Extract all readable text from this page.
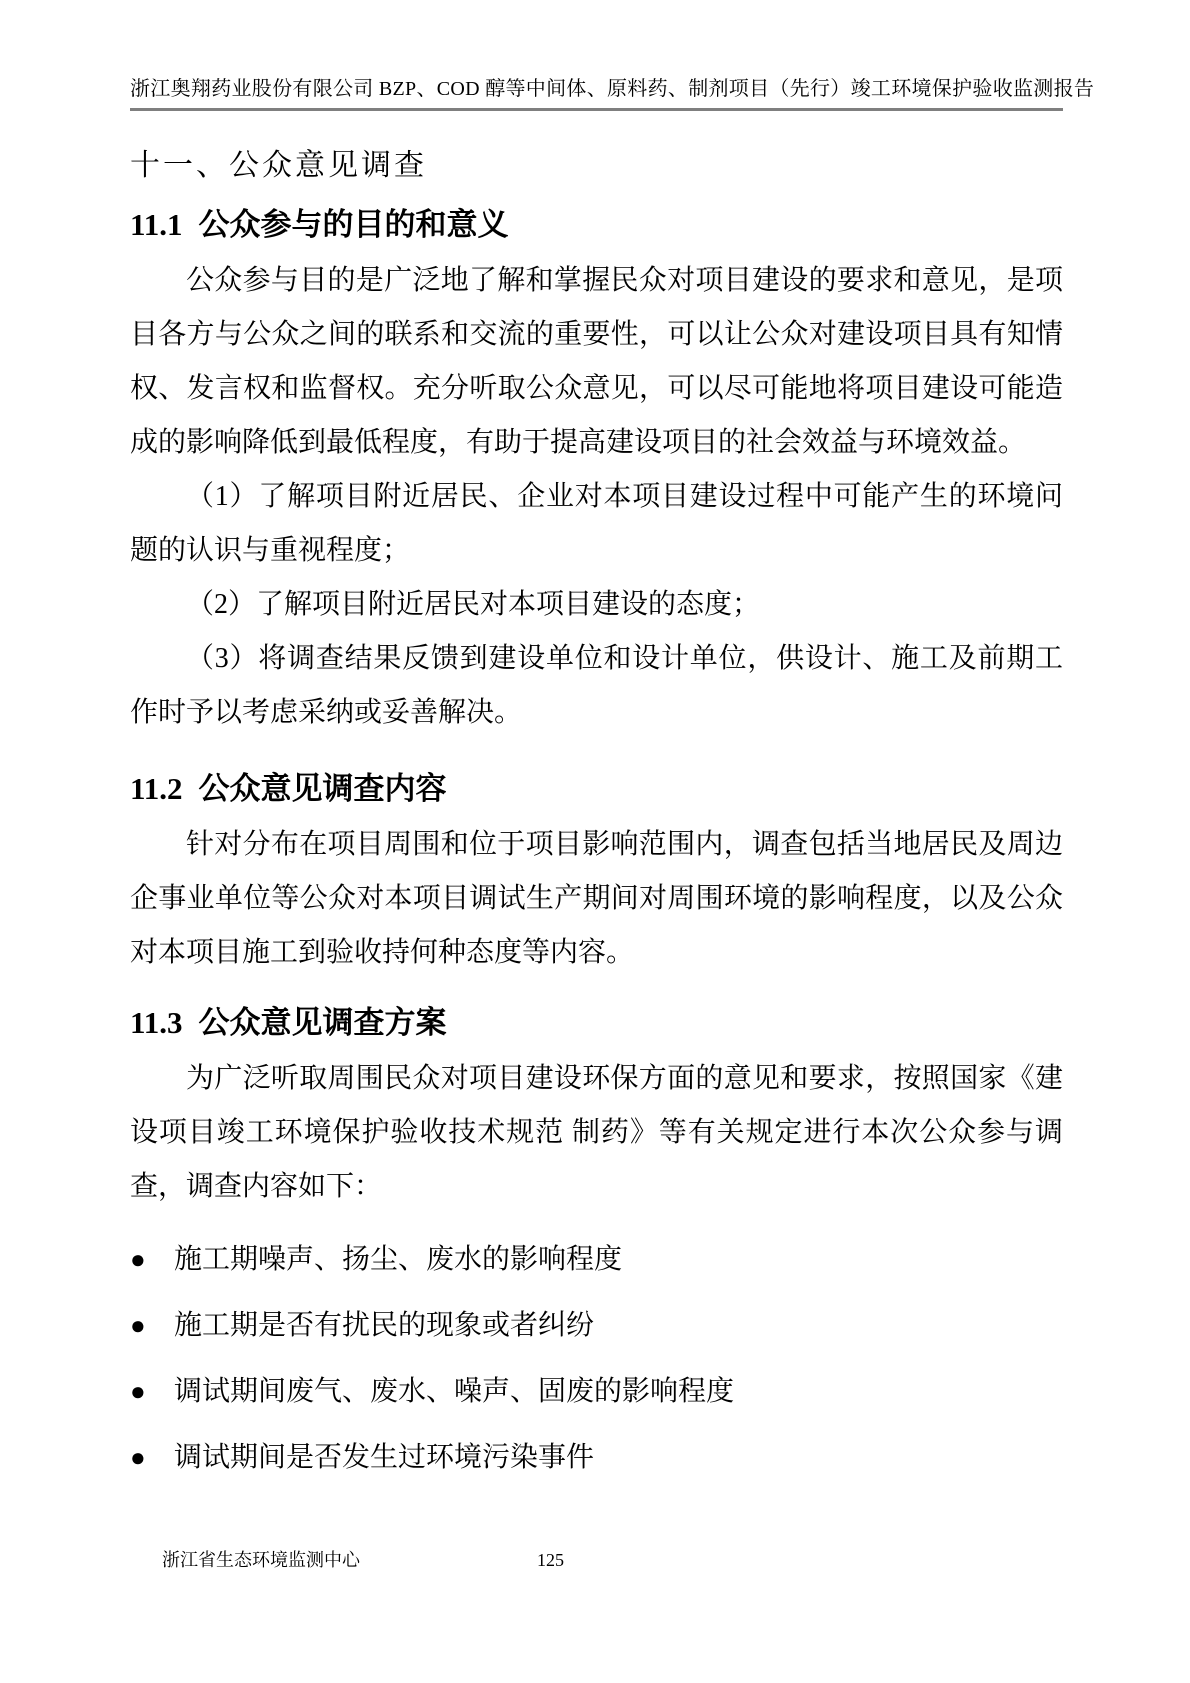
浙江奥翔药业股份有限公司 BZP、COD 醇等中间体、原料药、制剂项目（先行）竣工环境保护验收监测报告
十一、公众意见调查
11.1 公众参与的目的和意义

公众参与目的是广泛地了解和掌握民众对项目建设的要求和意见，是项目各方与公众之间的联系和交流的重要性，可以让公众对建设项目具有知情权、发言权和监督权。充分听取公众意见，可以尽可能地将项目建设可能造成的影响降低到最低程度，有助于提高建设项目的社会效益与环境效益。

（1）了解项目附近居民、企业对本项目建设过程中可能产生的环境问题的认识与重视程度；

（2）了解项目附近居民对本项目建设的态度；

（3）将调查结果反馈到建设单位和设计单位，供设计、施工及前期工作时予以考虑采纳或妥善解决。

11.2 公众意见调查内容

针对分布在项目周围和位于项目影响范围内，调查包括当地居民及周边企事业单位等公众对本项目调试生产期间对周围环境的影响程度，以及公众对本项目施工到验收持何种态度等内容。

11.3 公众意见调查方案

为广泛听取周围民众对项目建设环保方面的意见和要求，按照国家《建设项目竣工环境保护验收技术规范 制药》等有关规定进行本次公众参与调查，调查内容如下：

●	施工期噪声、扬尘、废水的影响程度
●	施工期是否有扰民的现象或者纠纷
●	调试期间废气、废水、噪声、固废的影响程度
●	调试期间是否发生过环境污染事件
浙江省生态环境监测中心	125
